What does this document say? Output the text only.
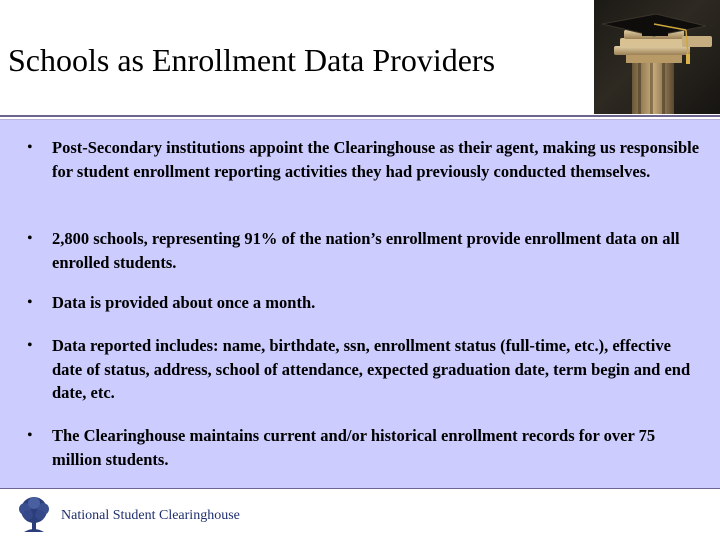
Schools as Enrollment Data Providers
• Post-Secondary institutions appoint the Clearinghouse as their agent, making us responsible for student enrollment reporting activities they had previously conducted themselves.

• 2,800 schools, representing 91% of the nation’s enrollment provide enrollment data on all enrolled students.

• Data is provided about once a month.

• Data reported includes: name, birthdate, ssn, enrollment status (full-time, etc.), effective date of status, address, school of attendance, expected graduation date, term begin and end date, etc.

• The Clearinghouse maintains current and/or historical enrollment records for over 75 million students.

National Student Clearinghouse
